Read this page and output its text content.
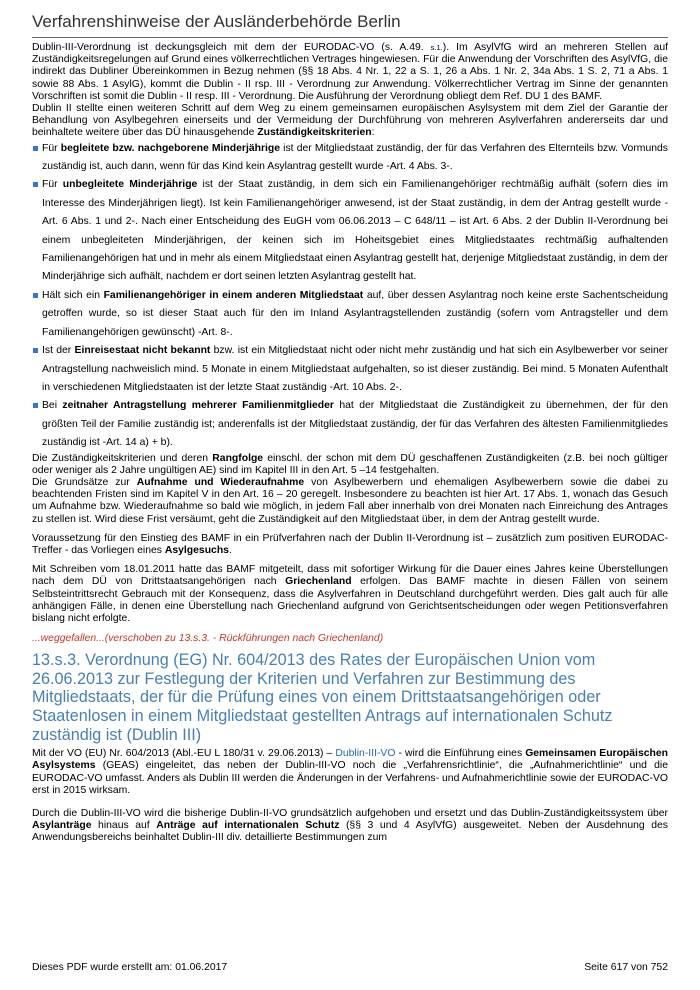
Verfahrenshinweise der Ausländerbehörde Berlin

Dublin-III-Verordnung ist deckungsgleich mit dem der EURODAC-VO (s. A.49. s.1.). Im AsylVfG wird an mehreren Stellen auf Zuständigkeitsregelungen auf Grund eines völkerrechtlichen Vertrages hingewiesen. Für die Anwendung der Vorschriften des AsylVfG, die indirekt das Dubliner Übereinkommen in Bezug nehmen (§§ 18 Abs. 4 Nr. 1, 22 a S. 1, 26 a Abs. 1 Nr. 2, 34a Abs. 1 S. 2, 71 a Abs. 1 sowie 88 Abs. 1 AsylG), kommt die Dublin - II rsp. III - Verordnung zur Anwendung. Völkerrechtlicher Vertrag im Sinne der genannten Vorschriften ist somit die Dublin - II resp. III - Verordnung. Die Ausführung der Verordnung obliegt dem Ref. DU 1 des BAMF.

Dublin II stellte einen weiteren Schritt auf dem Weg zu einem gemeinsamen europäischen Asylsystem mit dem Ziel der Garantie der Behandlung von Asylbegehren einerseits und der Vermeidung der Durchführung von mehreren Asylverfahren andererseits dar und beinhaltete weitere über das DÜ hinausgehende Zuständigkeitskriterien:

Für begleitete bzw. nachgeborene Minderjährige ist der Mitgliedstaat zuständig, der für das Verfahren des Elternteils bzw. Vormunds zuständig ist, auch dann, wenn für das Kind kein Asylantrag gestellt wurde -Art. 4 Abs. 3-.
Für unbegleitete Minderjährige ist der Staat zuständig, in dem sich ein Familienangehöriger rechtmäßig aufhält (sofern dies im Interesse des Minderjährigen liegt). Ist kein Familienangehöriger anwesend, ist der Staat zuständig, in dem der Antrag gestellt wurde -Art. 6 Abs. 1 und 2-. Nach einer Entscheidung des EuGH vom 06.06.2013 – C 648/11 – ist Art. 6 Abs. 2 der Dublin II-Verordnung bei einem unbegleiteten Minderjährigen, der keinen sich im Hoheitsgebiet eines Mitgliedstaates rechtmäßig aufhaltenden Familienangehörigen hat und in mehr als einem Mitgliedstaat einen Asylantrag gestellt hat, derjenige Mitgliedstaat zuständig, in dem der Minderjährige sich aufhält, nachdem er dort seinen letzten Asylantrag gestellt hat.
Hält sich ein Familienangehöriger in einem anderen Mitgliedstaat auf, über dessen Asylantrag noch keine erste Sachentscheidung getroffen wurde, so ist dieser Staat auch für den im Inland Asylantragstellenden zuständig (sofern vom Antragsteller und dem Familienangehörigen gewünscht) -Art. 8-.
Ist der Einreisestaat nicht bekannt bzw. ist ein Mitgliedstaat nicht oder nicht mehr zuständig und hat sich ein Asylbewerber vor seiner Antragstellung nachweislich mind. 5 Monate in einem Mitgliedstaat aufgehalten, so ist dieser zuständig. Bei mind. 5 Monaten Aufenthalt in verschiedenen Mitgliedstaaten ist der letzte Staat zuständig -Art. 10 Abs. 2-.
Bei zeitnaher Antragstellung mehrerer Familienmitglieder hat der Mitgliedstaat die Zuständigkeit zu übernehmen, der für den größten Teil der Familie zuständig ist; anderenfalls ist der Mitgliedstaat zuständig, der für das Verfahren des ältesten Familienmitgliedes zuständig ist -Art. 14 a) + b).

Die Zuständigkeitskriterien und deren Rangfolge einschl. der schon mit dem DÜ geschaffenen Zuständigkeiten (z.B. bei noch gültiger oder weniger als 2 Jahre ungültigen AE) sind im Kapitel III in den Art. 5 –14 festgehalten.

Die Grundsätze zur Aufnahme und Wiederaufnahme von Asylbewerbern und ehemaligen Asylbewerbern sowie die dabei zu beachtenden Fristen sind im Kapitel V in den Art. 16 – 20 geregelt. Insbesondere zu beachten ist hier Art. 17 Abs. 1, wonach das Gesuch um Aufnahme bzw. Wiederaufnahme so bald wie möglich, in jedem Fall aber innerhalb von drei Monaten nach Einreichung des Antrages zu stellen ist. Wird diese Frist versäumt, geht die Zuständigkeit auf den Mitgliedstaat über, in dem der Antrag gestellt wurde.

Voraussetzung für den Einstieg des BAMF in ein Prüfverfahren nach der Dublin II-Verordnung ist – zusätzlich zum positiven EURODAC-Treffer - das Vorliegen eines Asylgesuchs.

Mit Schreiben vom 18.01.2011 hatte das BAMF mitgeteilt, dass mit sofortiger Wirkung für die Dauer eines Jahres keine Überstellungen nach dem DÜ von Drittstaatsangehörigen nach Griechenland erfolgen. Das BAMF machte in diesen Fällen von seinem Selbsteintrittsrecht Gebrauch mit der Konsequenz, dass die Asylverfahren in Deutschland durchgeführt werden. Dies galt auch für alle anhängigen Fälle, in denen eine Überstellung nach Griechenland aufgrund von Gerichtsentscheidungen oder wegen Petitionsverfahren bislang nicht erfolgte.

...weggefallen...(verschoben zu 13.s.3. - Rückführungen nach Griechenland)

13.s.3. Verordnung (EG) Nr. 604/2013 des Rates der Europäischen Union vom 26.06.2013 zur Festlegung der Kriterien und Verfahren zur Bestimmung des Mitgliedstaats, der für die Prüfung eines von einem Drittstaatsangehörigen oder Staatenlosen in einem Mitgliedstaat gestellten Antrags auf internationalen Schutz zuständig ist (Dublin III)

Mit der VO (EU) Nr. 604/2013 (Abl.-EU L 180/31 v. 29.06.2013) – Dublin-III-VO - wird die Einführung eines Gemeinsamen Europäischen Asylsystems (GEAS) eingeleitet, das neben der Dublin-III-VO noch die „Verfahrensrichtlinie“, die „Aufnahmerichtlinie“ und die EURODAC-VO umfasst. Anders als Dublin III werden die Änderungen in der Verfahrens- und Aufnahmerichtlinie sowie der EURODAC-VO erst in 2015 wirksam.

Durch die Dublin-III-VO wird die bisherige Dublin-II-VO grundsätzlich aufgehoben und ersetzt und das Dublin-Zuständigkeitssystem über Asylanträge hinaus auf Anträge auf internationalen Schutz (§§ 3 und 4 AsylVfG) ausgeweitet. Neben der Ausdehnung des Anwendungsbereichs beinhaltet Dublin-III div. detaillierte Bestimmungen zum

Dieses PDF wurde erstellt am: 01.06.2017	Seite 617 von 752
